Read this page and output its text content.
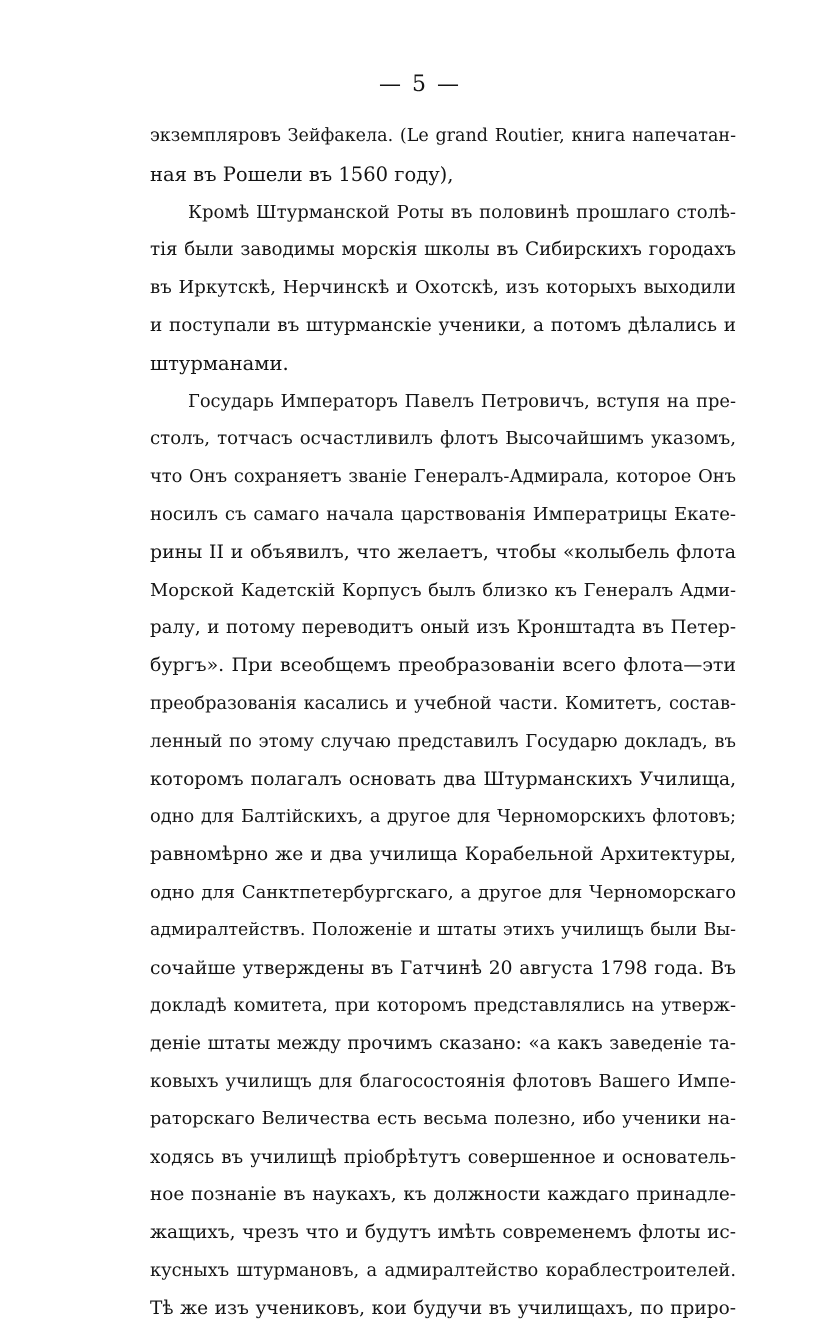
— 5 —
экземпляровъ Зейфакела. (Le grand Routier, книга напечатан-
ная въ Рошели въ 1560 году),
Кромѣ Штурманской Роты въ половинѣ прошлаго столѣ-
тія были заводимы морскія школы въ Сибирскихъ городахъ
въ Иркутскѣ, Нерчинскѣ и Охотскѣ, изъ которыхъ выходили
и поступали въ штурманскіе ученики, а потомъ дѣлались и
штурманами.
Государь Императоръ Павелъ Петровичъ, вступя на пре-
столъ, тотчасъ осчастливилъ флотъ Высочайшимъ указомъ,
что Онъ сохраняетъ званіе Генералъ-Адмирала, которое Онъ
носилъ съ самаго начала царствованія Императрицы Екате-
рины II и объявилъ, что желаетъ, чтобы «колыбель флота
Морской Кадетскій Корпусъ былъ близко къ Генералъ Адми-
ралу, и потому переводитъ оный изъ Кронштадта въ Петер-
бургъ». При всеобщемъ преобразованіи всего флота—эти
преобразованія касались и учебной части. Комитетъ, состав-
ленный по этому случаю представилъ Государю докладъ, въ
которомъ полагалъ основать два Штурманскихъ Училища,
одно для Балтійскихъ, а другое для Черноморскихъ флотовъ;
равномѣрно же и два училища Корабельной Архитектуры,
одно для Санктпетербургскаго, а другое для Черноморскаго
адмиралтействъ. Положеніе и штаты этихъ училищъ были Вы-
сочайше утверждены въ Гатчинѣ 20 августа 1798 года. Въ
докладѣ комитета, при которомъ представлялись на утверж-
деніе штаты между прочимъ сказано: «а какъ заведеніе та-
ковыхъ училищъ для благосостоянія флотовъ Вашего Импе-
раторскаго Величества есть весьма полезно, ибо ученики на-
ходясь въ училищѣ пріобрѣтутъ совершенное и основатель-
ное познаніе въ наукахъ, къ должности каждаго принадле-
жащихъ, чрезъ что и будутъ имѣть современемъ флоты ис-
кусныхъ штурмановъ, а адмиралтейство кораблестроителей.
Тѣ же изъ учениковъ, кои будучи въ училищахъ, по приро-
